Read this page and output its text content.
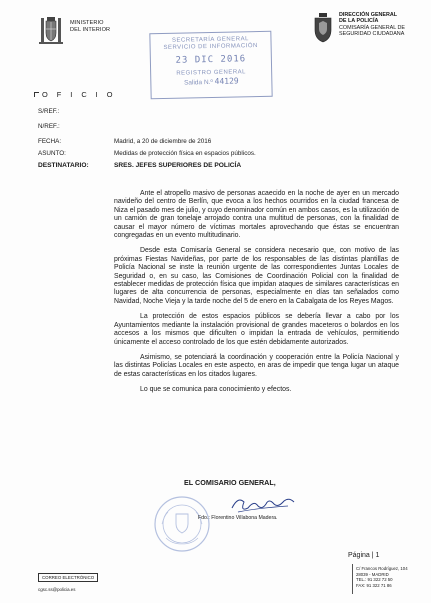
MINISTERIO
DEL INTERIOR
DIRECCIÓN GENERAL
DE LA POLICÍA
COMISARÍA GENERAL DE
SEGURIDAD CIUDADANA
SECRETARÍA GENERAL
SERVICIO DE INFORMACIÓN
23 DIC 2016
REGISTRO GENERAL
Salida N.º 44129
OFICIO
S/REF.:
N/REF.:
FECHA:	Madrid, a 20 de diciembre de 2016
ASUNTO:	Medidas de protección física en espacios públicos.
DESTINATARIO:	SRES. JEFES SUPERIORES DE POLICÍA

Ante el atropello masivo de personas acaecido en la noche de ayer en un mercado navideño del centro de Berlín, que evoca a los hechos ocurridos en la ciudad francesa de Niza el pasado mes de julio, y cuyo denominador común en ambos casos, es la utilización de un camión de gran tonelaje arrojado contra una multitud de personas, con la finalidad de causar el mayor número de víctimas mortales aprovechando que éstas se encuentran congregadas en un evento multitudinario.

Desde esta Comisaría General se considera necesario que, con motivo de las próximas Fiestas Navideñas, por parte de los responsables de las distintas plantillas de Policía Nacional se inste la reunión urgente de las correspondientes Juntas Locales de Seguridad o, en su caso, las Comisiones de Coordinación Policial con la finalidad de establecer medidas de protección física que impidan ataques de similares características en lugares de alta concurrencia de personas, especialmente en días tan señalados como Navidad, Noche Vieja y la tarde noche del 5 de enero en la Cabalgata de los Reyes Magos.

La protección de estos espacios públicos se debería llevar a cabo por los Ayuntamientos mediante la instalación provisional de grandes maceteros o bolardos en los accesos a los mismos que dificulten o impidan la entrada de vehículos, permitiendo únicamente el acceso controlado de los que estén debidamente autorizados.

Asimismo, se potenciará la coordinación y cooperación entre la Policía Nacional y las distintas Policías Locales en este aspecto, en aras de impedir que tenga lugar un ataque de estas características en los citados lugares.

Lo que se comunica para conocimiento y efectos.

EL COMISARIO GENERAL,
Fdo.: Florentino Villabona Madera.
CORREO ELECTRÓNICO
cgsc.ss@policia.es
Página | 1
C/ Francos Rodríguez, 104
28039 - MADRID
TEL.: 91 322 72 50
FAX: 91 322 71 86
